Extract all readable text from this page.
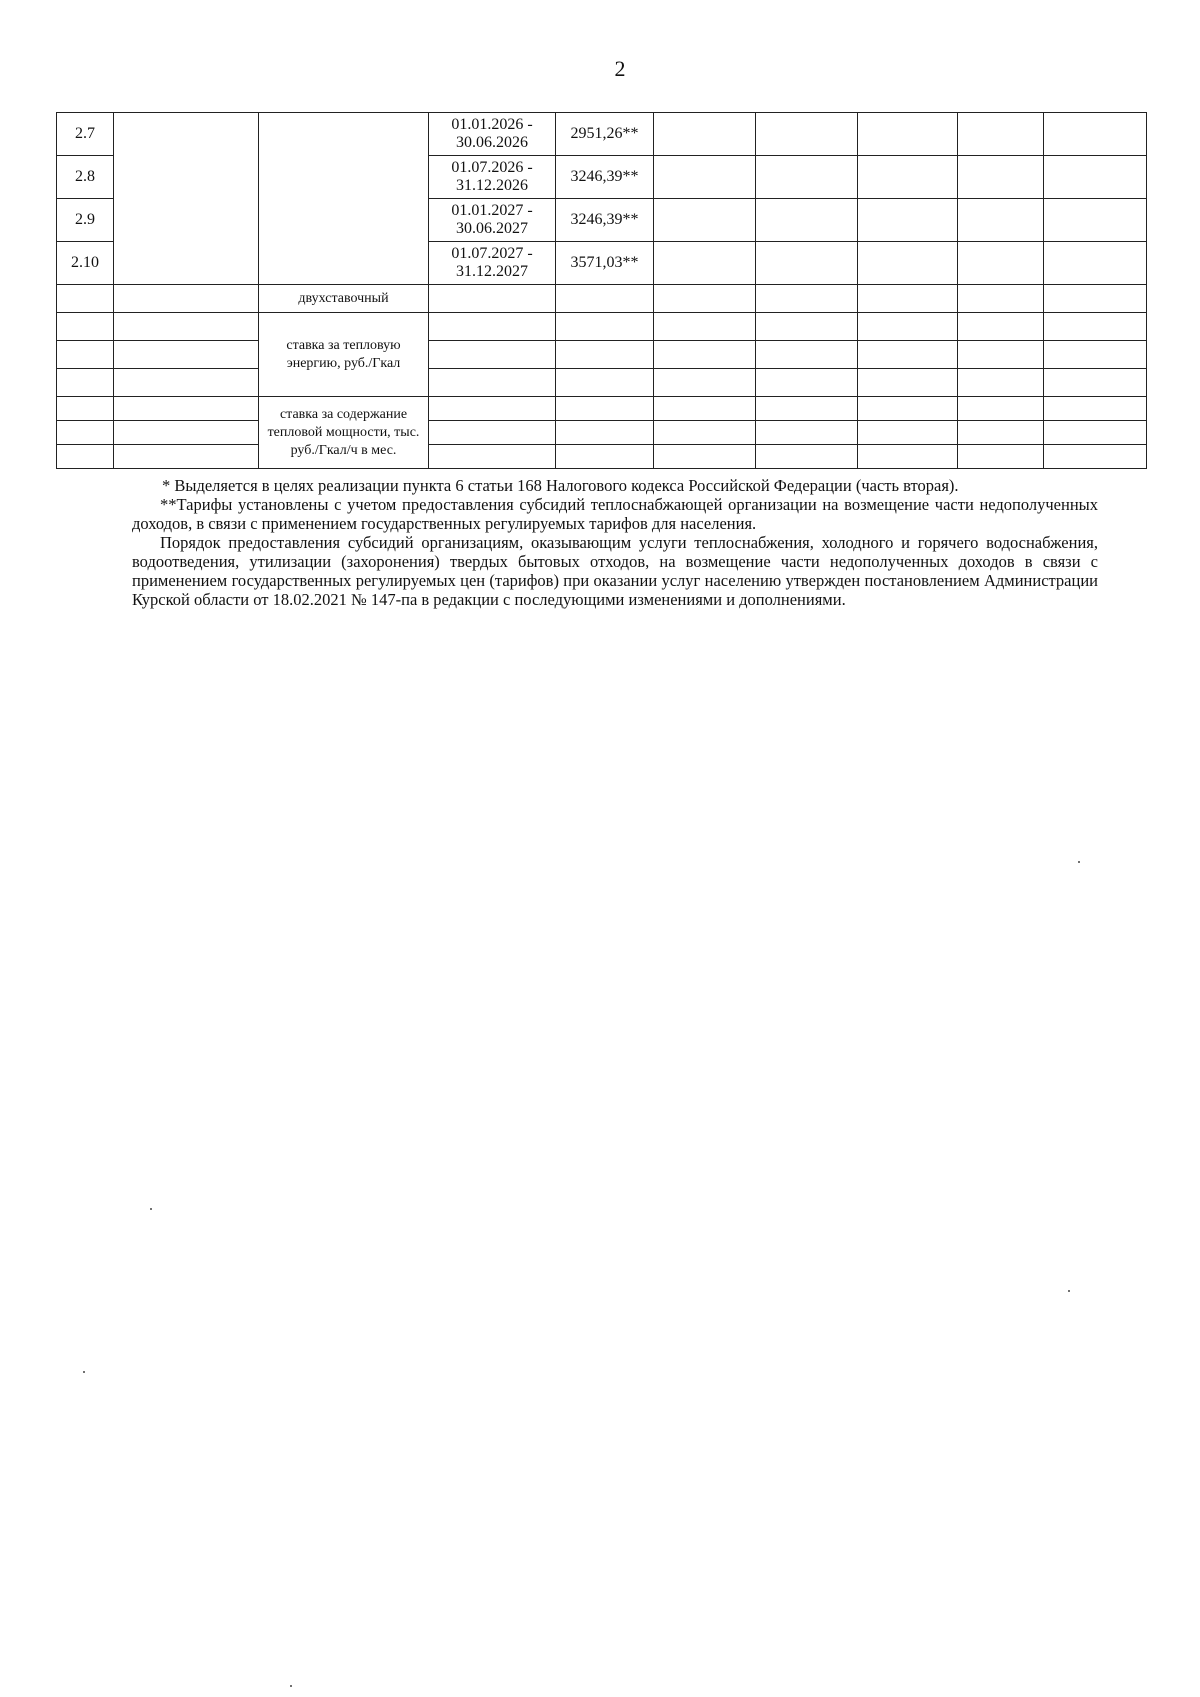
2
2.7			01.01.2026 - 30.06.2026	2951,26**					
2.8			01.07.2026 - 31.12.2026	3246,39**					
2.9			01.01.2027 - 30.06.2027	3246,39**					
2.10			01.07.2027 - 31.12.2027	3571,03**					
		двухставочный							
		ставка за тепловую энергию, руб./Гкал							

		ставка за содержание тепловой мощности, тыс. руб./Гкал/ч в мес.							

* Выделяется в целях реализации пункта 6 статьи 168 Налогового кодекса Российской Федерации (часть вторая).

**Тарифы установлены с учетом предоставления субсидий теплоснабжающей организации на возмещение части недополученных доходов, в связи с применением государственных регулируемых тарифов для населения.

Порядок предоставления субсидий организациям, оказывающим услуги теплоснабжения, холодного и горячего водоснабжения, водоотведения, утилизации (захоронения) твердых бытовых отходов, на возмещение части недополученных доходов в связи с применением государственных регулируемых цен (тарифов) при оказании услуг населению утвержден постановлением Администрации Курской области от 18.02.2021 № 147-па в редакции с последующими изменениями и дополнениями.
